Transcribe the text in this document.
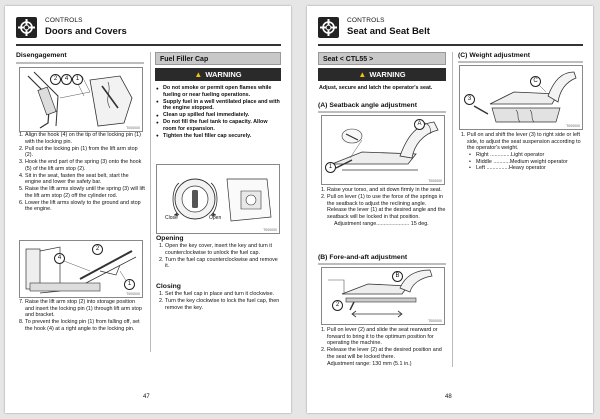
CONTROLS
Doors and Covers
Disengagement
2	4	1
T000000
1. Align the hook (4) on the tip of the locking pin (1) with the locking pin.
2. Pull out the locking pin (1) from the lift arm stop (2).
3. Hook the end part of the spring (3) onto the hook (5) of the lift arm stop (2).
4. Sit in the seat, fasten the seat belt, start the engine and lower the safety bar.
5. Raise the lift arms slowly until the spring (3) will lift the lift arm stop (2) off the cylinder rod.
6. Lower the lift arms slowly to the ground and stop the engine.
4
2
1
T000000
7. Raise the lift arm stop (2) into storage position and insert the locking pin (1) through lift arm stop and bracket.
8. To prevent the locking pin (1) from falling off, set the hook (4) at a right angle to the locking pin.
Fuel Filler Cap
▲ WARNING
● Do not smoke or permit open flames while fueling or near fueling operations.
● Supply fuel in a well ventilated place and with the engine stopped.
● Clean up spilled fuel immediately.
● Do not fill the fuel tank to capacity. Allow room for expansion.
● Tighten the fuel filler cap securely.
Close	Open
T000000
Opening
1. Open the key cover, insert the key and turn it counterclockwise to unlock the fuel cap.
2. Turn the fuel cap counterclockwise and remove it.
Closing
1. Set the fuel cap in place and turn it clockwise.
2. Turn the key clockwise to lock the fuel cap, then remove the key.
47
CONTROLS
Seat and Seat Belt
Seat < CTL55 >
▲ WARNING
Adjust, secure and latch the operator's seat.
(A) Seatback angle adjustment
A
1
T000000
1. Raise your torso, and sit down firmly in the seat.
2. Pull on lever (1) to use the force of the springs in the seatback to adjust the reclining angle. Release the lever (1) at the desired angle and the seatback will be locked in that position.
Adjustment range...................... 15 deg.
(B) Fore-and-aft adjustment
B
2
T000000
1. Pull on lever (2) and slide the seat rearward or forward to bring it to the optimum position for operating the machine.
2. Release the lever (2) at the desired position and the seat will be locked there.
Adjustment range: 130 mm (5.1 in.)
(C) Weight adjustment
C
3
T000000
1. Pull on and shift the lever (3) to right side or left side, to adjust the seat suspension according to the operator's weight.
• Right ..............Light operator
• Middle ...........Medium weight operator
• Left ...............Heavy operator
48
